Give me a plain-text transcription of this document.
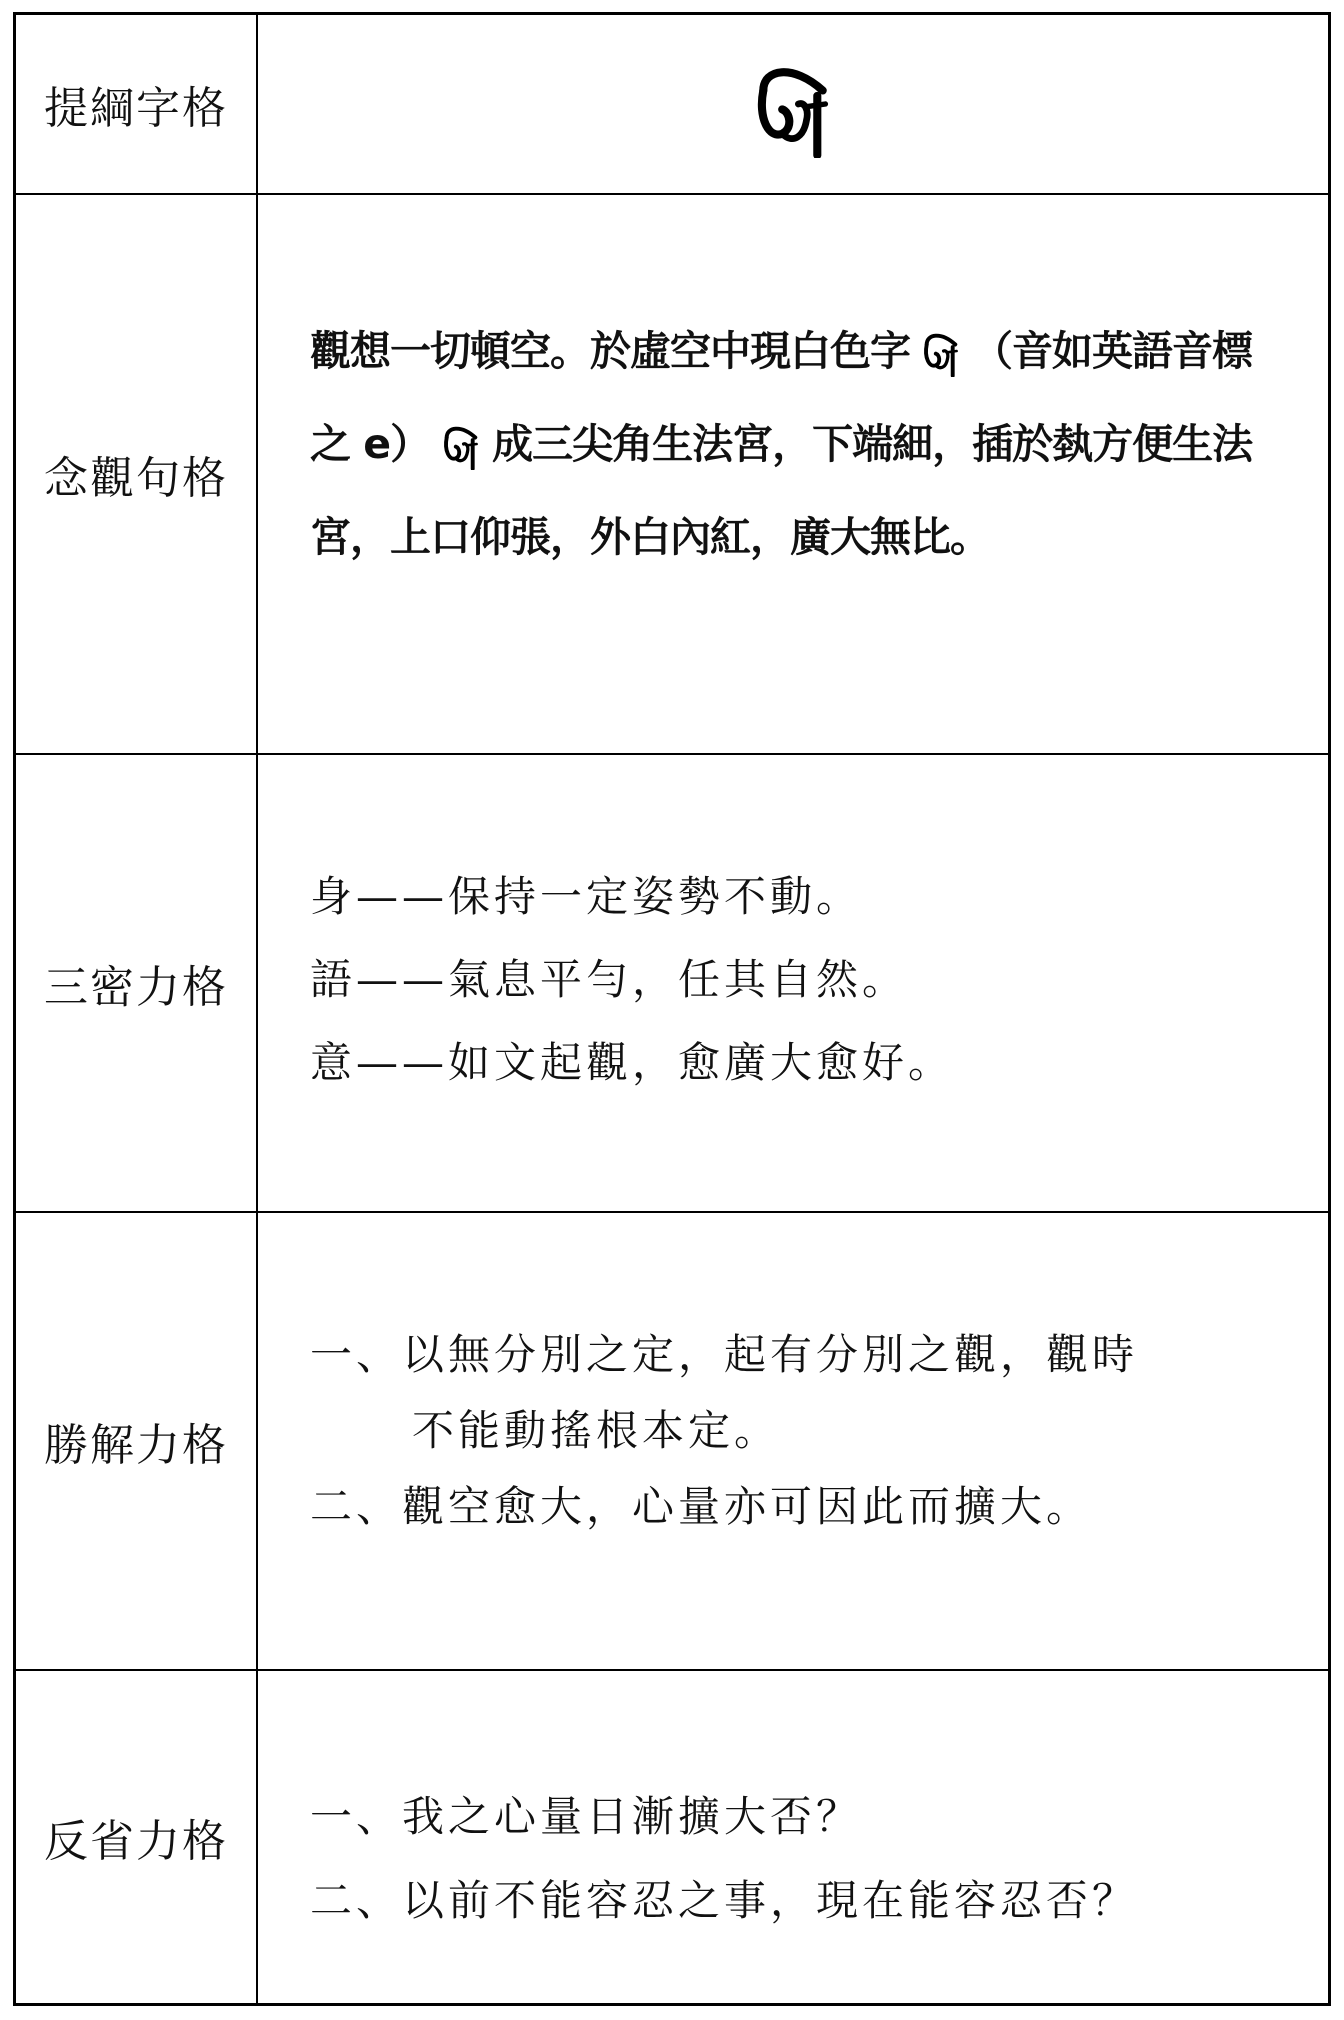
提綱字格
念觀句格
觀想一切頓空。於虛空中現白色字 （音如英語音標之 e） 成三尖角生法宮，下端細，插於埶方便生法宮，上口仰張，外白內紅，廣大無比。
三密力格
身——保持一定姿勢不動。
語——氣息平勻，任其自然。
意——如文起觀，愈廣大愈好。
勝解力格
一、以無分別之定，起有分別之觀，觀時
不能動搖根本定。
二、觀空愈大，心量亦可因此而擴大。
反省力格	一、我之心量日漸擴大否？
二、以前不能容忍之事，現在能容忍否？
